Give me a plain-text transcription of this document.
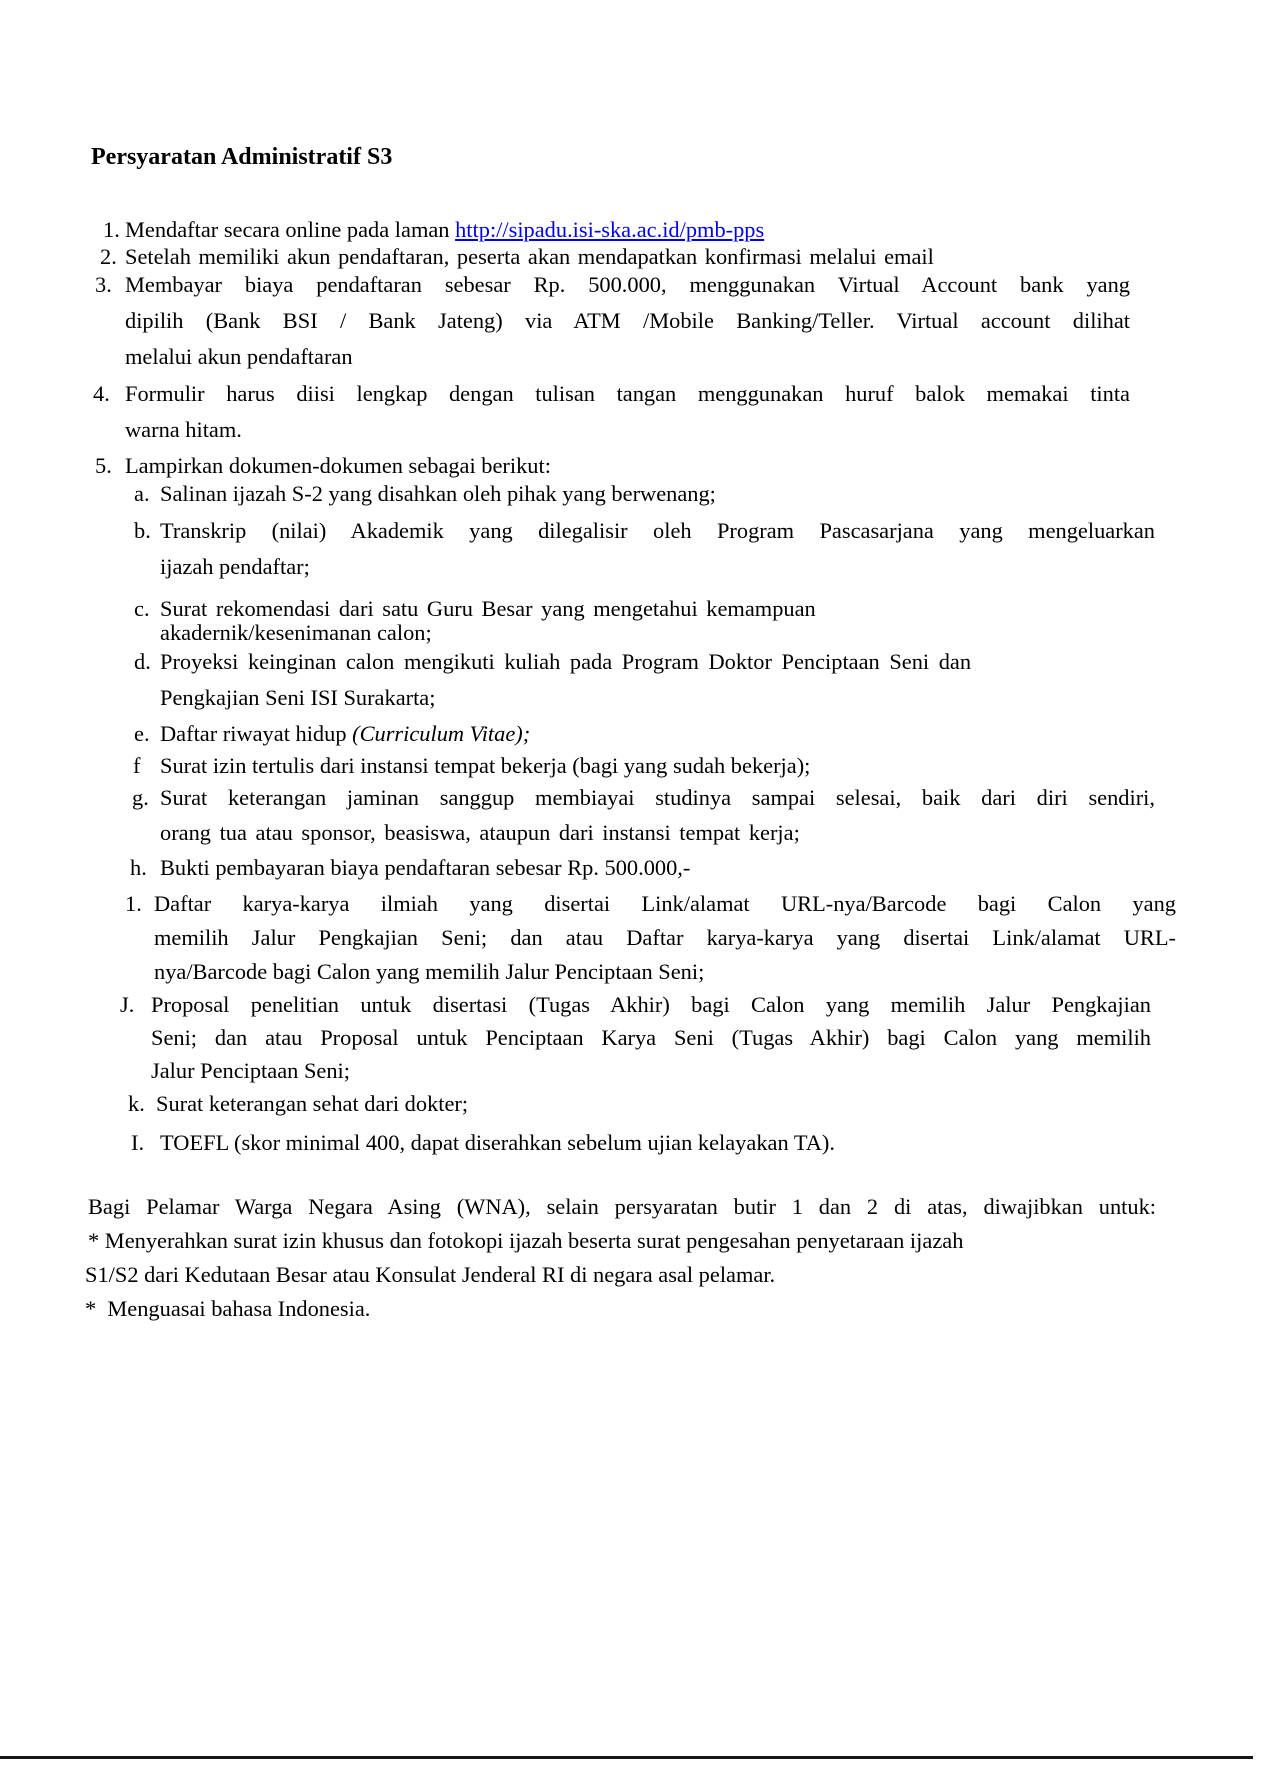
Persyaratan Administratif S3
1. Mendaftar secara online pada laman http://sipadu.isi-ska.ac.id/pmb-pps
2. Setelah memiliki akun pendaftaran, peserta akan mendapatkan konfirmasi melalui email
3. Membayar biaya pendaftaran sebesar Rp. 500.000, menggunakan Virtual Account bank yang
dipilih (Bank BSI / Bank Jateng) via ATM /Mobile Banking/Teller. Virtual account dilihat
melalui akun pendaftaran
4. Formulir harus diisi lengkap dengan tulisan tangan menggunakan huruf balok memakai tinta
warna hitam.
5. Lampirkan dokumen-dokumen sebagai berikut:
a. Salinan ijazah S-2 yang disahkan oleh pihak yang berwenang;
b. Transkrip (nilai) Akademik yang dilegalisir oleh Program Pascasarjana yang mengeluarkan
ijazah pendaftar;
c. Surat rekomendasi dari satu Guru Besar yang mengetahui kemampuan
akadernik/kesenimanan calon;
d. Proyeksi keinginan calon mengikuti kuliah pada Program Doktor Penciptaan Seni dan
Pengkajian Seni ISI Surakarta;
e. Daftar riwayat hidup (Curriculum Vitae);
f Surat izin tertulis dari instansi tempat bekerja (bagi yang sudah bekerja);
g. Surat keterangan jaminan sanggup membiayai studinya sampai selesai, baik dari diri sendiri,
orang tua atau sponsor, beasiswa, ataupun dari instansi tempat kerja;
h. Bukti pembayaran biaya pendaftaran sebesar Rp. 500.000,-
1. Daftar karya-karya ilmiah yang disertai Link/alamat URL-nya/Barcode bagi Calon yang
memilih Jalur Pengkajian Seni; dan atau Daftar karya-karya yang disertai Link/alamat URL-
nya/Barcode bagi Calon yang memilih Jalur Penciptaan Seni;
J. Proposal penelitian untuk disertasi (Tugas Akhir) bagi Calon yang memilih Jalur Pengkajian
Seni; dan atau Proposal untuk Penciptaan Karya Seni (Tugas Akhir) bagi Calon yang memilih
Jalur Penciptaan Seni;
k. Surat keterangan sehat dari dokter;
I. TOEFL (skor minimal 400, dapat diserahkan sebelum ujian kelayakan TA).
Bagi Pelamar Warga Negara Asing (WNA), selain persyaratan butir 1 dan 2 di atas, diwajibkan untuk:
* Menyerahkan surat izin khusus dan fotokopi ijazah beserta surat pengesahan penyetaraan ijazah
S1/S2 dari Kedutaan Besar atau Konsulat Jenderal RI di negara asal pelamar.
*  Menguasai bahasa Indonesia.
